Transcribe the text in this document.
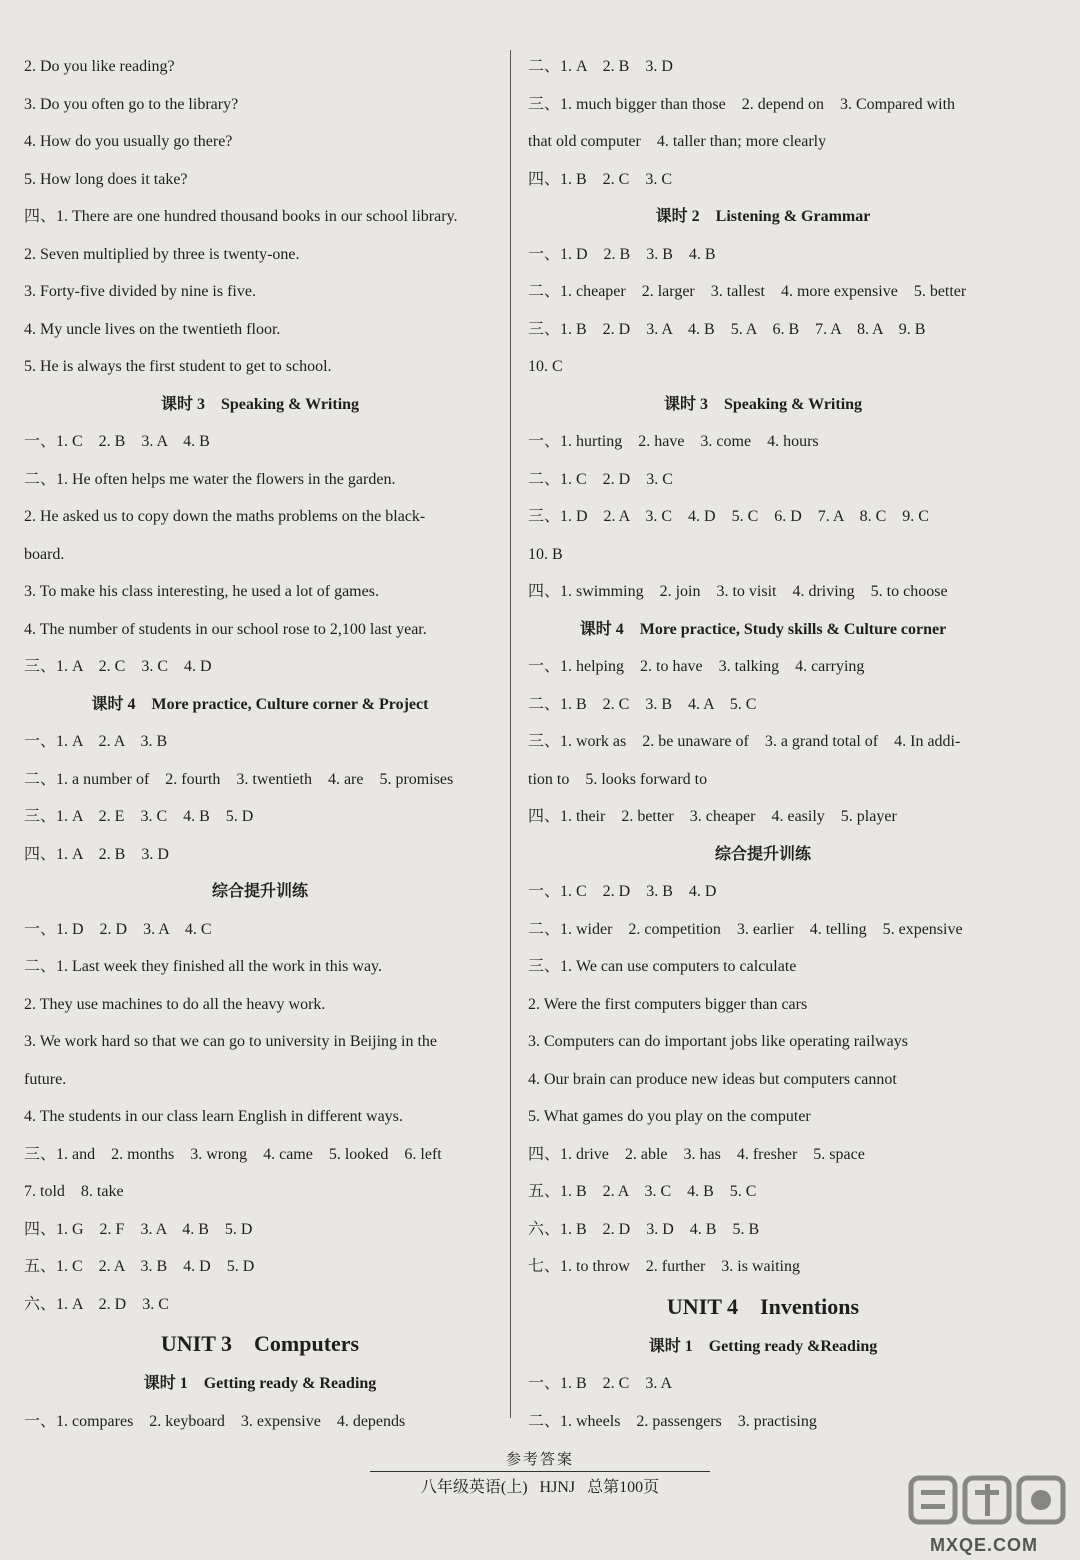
2. Do you like reading?
3. Do you often go to the library?
4. How do you usually go there?
5. How long does it take?
四、1. There are one hundred thousand books in our school library.
2. Seven multiplied by three is twenty-one.
3. Forty-five divided by nine is five.
4. My uncle lives on the twentieth floor.
5. He is always the first student to get to school.
课时 3　Speaking & Writing
一、1. C　2. B　3. A　4. B
二、1. He often helps me water the flowers in the garden.
2. He asked us to copy down the maths problems on the black-
board.
3. To make his class interesting, he used a lot of games.
4. The number of students in our school rose to 2,100 last year.
三、1. A　2. C　3. C　4. D
课时 4　More practice, Culture corner & Project
一、1. A　2. A　3. B
二、1. a number of　2. fourth　3. twentieth　4. are　5. promises
三、1. A　2. E　3. C　4. B　5. D
四、1. A　2. B　3. D
综合提升训练
一、1. D　2. D　3. A　4. C
二、1. Last week they finished all the work in this way.
2. They use machines to do all the heavy work.
3. We work hard so that we can go to university in Beijing in the
future.
4. The students in our class learn English in different ways.
三、1. and　2. months　3. wrong　4. came　5. looked　6. left
7. told　8. take
四、1. G　2. F　3. A　4. B　5. D
五、1. C　2. A　3. B　4. D　5. D
六、1. A　2. D　3. C
UNIT 3　Computers
课时 1　Getting ready & Reading
一、1. compares　2. keyboard　3. expensive　4. depends
二、1. A　2. B　3. D
三、1. much bigger than those　2. depend on　3. Compared with
that old computer　4. taller than; more clearly
四、1. B　2. C　3. C
课时 2　Listening & Grammar
一、1. D　2. B　3. B　4. B
二、1. cheaper　2. larger　3. tallest　4. more expensive　5. better
三、1. B　2. D　3. A　4. B　5. A　6. B　7. A　8. A　9. B
10. C
课时 3　Speaking & Writing
一、1. hurting　2. have　3. come　4. hours
二、1. C　2. D　3. C
三、1. D　2. A　3. C　4. D　5. C　6. D　7. A　8. C　9. C
10. B
四、1. swimming　2. join　3. to visit　4. driving　5. to choose
课时 4　More practice, Study skills & Culture corner
一、1. helping　2. to have　3. talking　4. carrying
二、1. B　2. C　3. B　4. A　5. C
三、1. work as　2. be unaware of　3. a grand total of　4. In addi-
tion to　5. looks forward to
四、1. their　2. better　3. cheaper　4. easily　5. player
综合提升训练
一、1. C　2. D　3. B　4. D
二、1. wider　2. competition　3. earlier　4. telling　5. expensive
三、1. We can use computers to calculate
2. Were the first computers bigger than cars
3. Computers can do important jobs like operating railways
4. Our brain can produce new ideas but computers cannot
5. What games do you play on the computer
四、1. drive　2. able　3. has　4. fresher　5. space
五、1. B　2. A　3. C　4. B　5. C
六、1. B　2. D　3. D　4. B　5. B
七、1. to throw　2. further　3. is waiting
UNIT 4　Inventions
课时 1　Getting ready &Reading
一、1. B　2. C　3. A
二、1. wheels　2. passengers　3. practising
参考答案
八年级英语(上) HJNJ 总第100页
MXQE.COM
